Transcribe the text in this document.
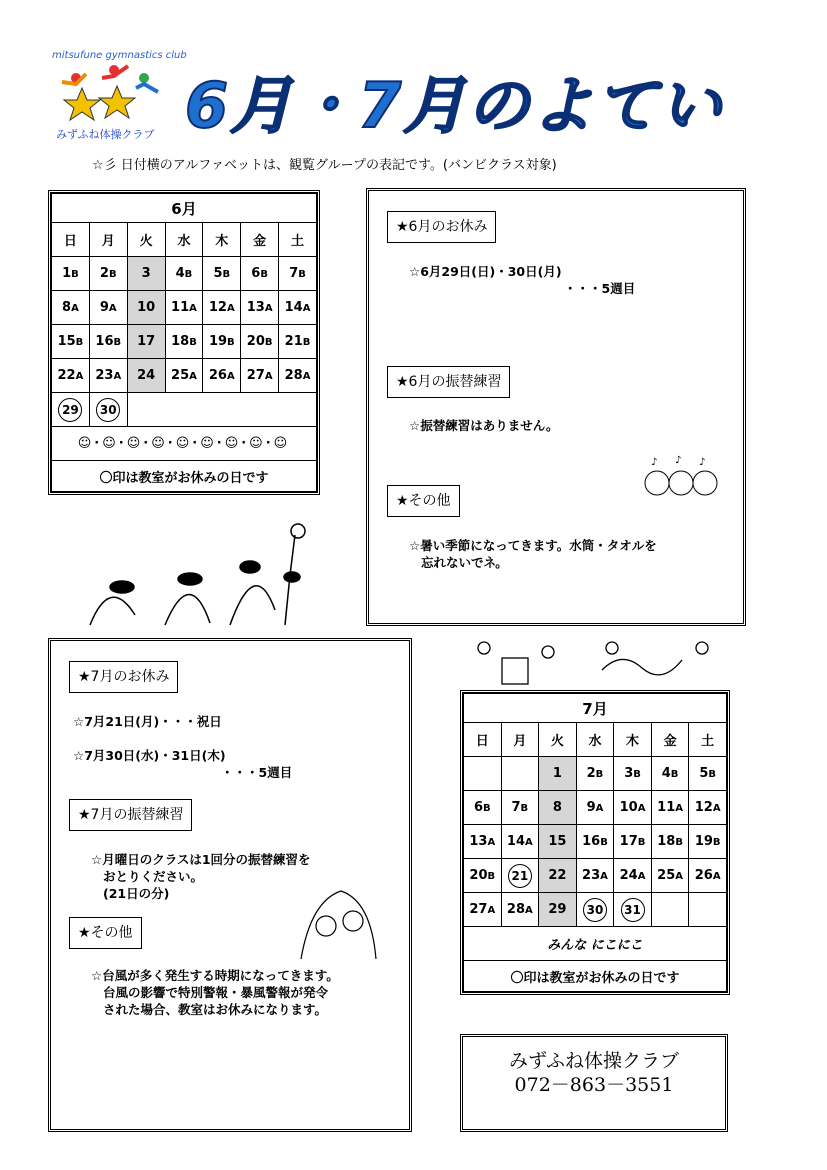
mitsufune gymnastics club
みずふね体操クラブ 6月・7月のよてい
☆彡 日付横のアルファベットは、観覧グループの表記です。(バンビクラス対象)
6月						
日	月	火	水	木	金	土
1B	2B	3	4B	5B	6B	7B
8A	9A	10	11A	12A	13A	14A
15B	16B	17	18B	19B	20B	21B
22A	23A	24	25A	26A	27A	28A
29	30					
☺·☺·☺·☺·☺·☺·☺·☺·☺						
〇印は教室がお休みの日です						
★6月のお休み
☆6月29日(日)・30日(月)
・・・5週目
★6月の振替練習
☆振替練習はありません。
♪ ♪ ♪
★その他
☆暑い季節になってきます。水筒・タオルを
忘れないでネ。
★7月のお休み
☆7月21日(月)・・・祝日
☆7月30日(水)・31日(木)
・・・5週目
★7月の振替練習
☆月曜日のクラスは1回分の振替練習を
おとりください。
(21日の分)
★その他
☆台風が多く発生する時期になってきます。
台風の影響で特別警報・暴風警報が発令
された場合、教室はお休みになります。
7月						
日	月	火	水	木	金	土
		1	2B	3B	4B	5B
6B	7B	8	9A	10A	11A	12A
13A	14A	15	16B	17B	18B	19B
20B	21	22	23A	24A	25A	26A
27A	28A	29	30	31		
みんな にこにこ						
〇印は教室がお休みの日です						
みずふね体操クラブ
072－863－3551
